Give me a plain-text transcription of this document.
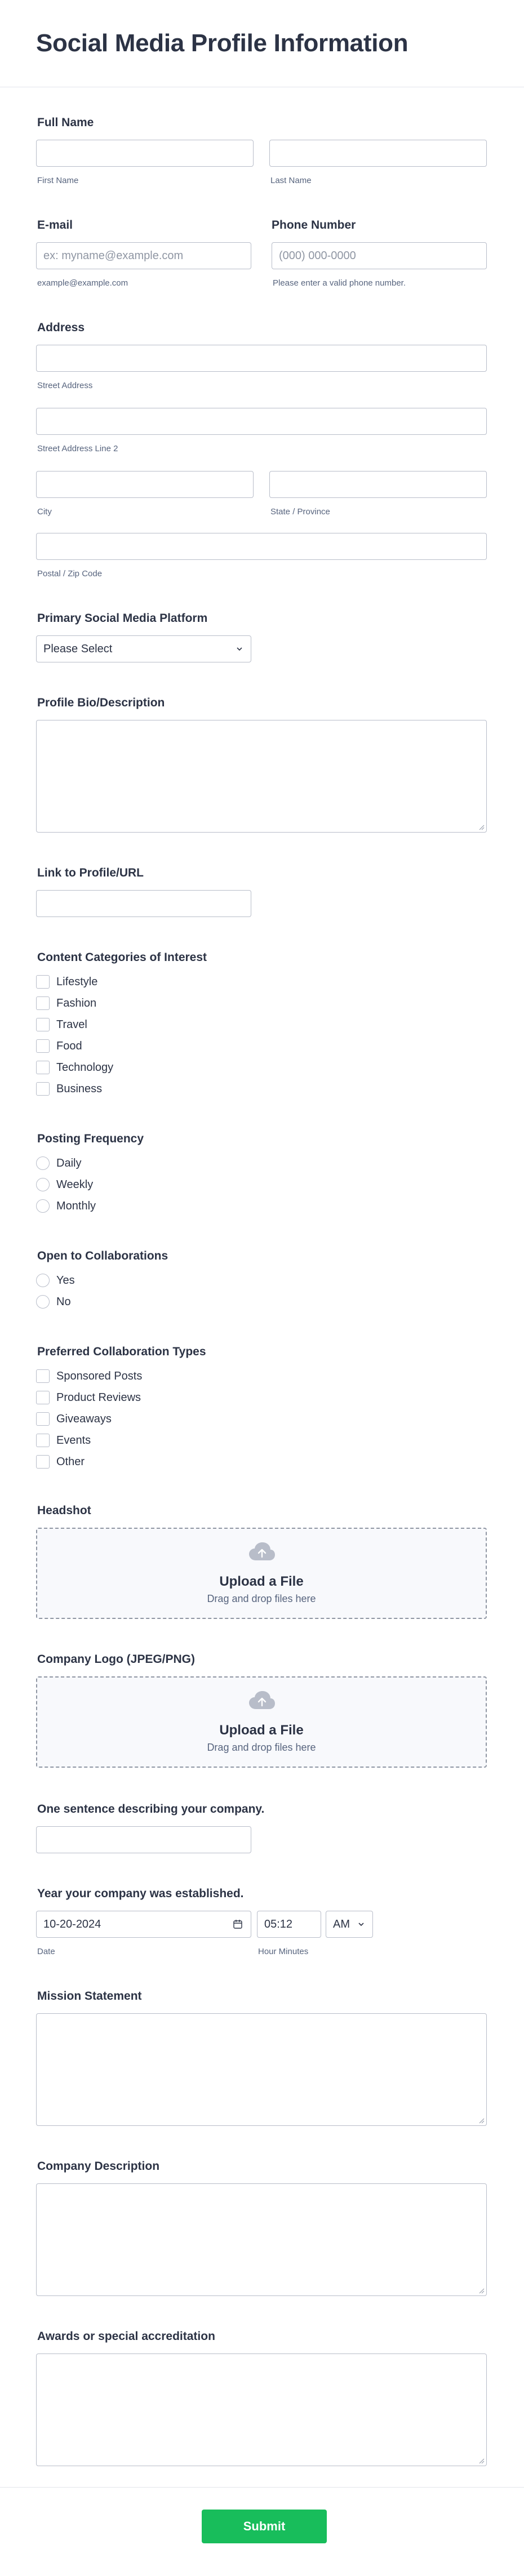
Social Media Profile Information
Full Name
First Name	Last Name
E-mail	Phone Number
ex: myname@example.com	(000) 000-0000
example@example.com	Please enter a valid phone number.
Address
Street Address
Street Address Line 2
City	State / Province
Postal / Zip Code
Primary Social Media Platform
Please Select
Profile Bio/Description
Link to Profile/URL
Content Categories of Interest
Lifestyle
Fashion
Travel
Food
Technology
Business
Posting Frequency
Daily
Weekly
Monthly
Open to Collaborations
Yes
No
Preferred Collaboration Types
Sponsored Posts
Product Reviews
Giveaways
Events
Other
Headshot
Upload a File
Drag and drop files here
Company Logo (JPEG/PNG)
Upload a File
Drag and drop files here
One sentence describing your company.
Year your company was established.
10-20-2024	05:12	AM
Date	Hour Minutes
Mission Statement
Company Description
Awards or special accreditation
Submit
